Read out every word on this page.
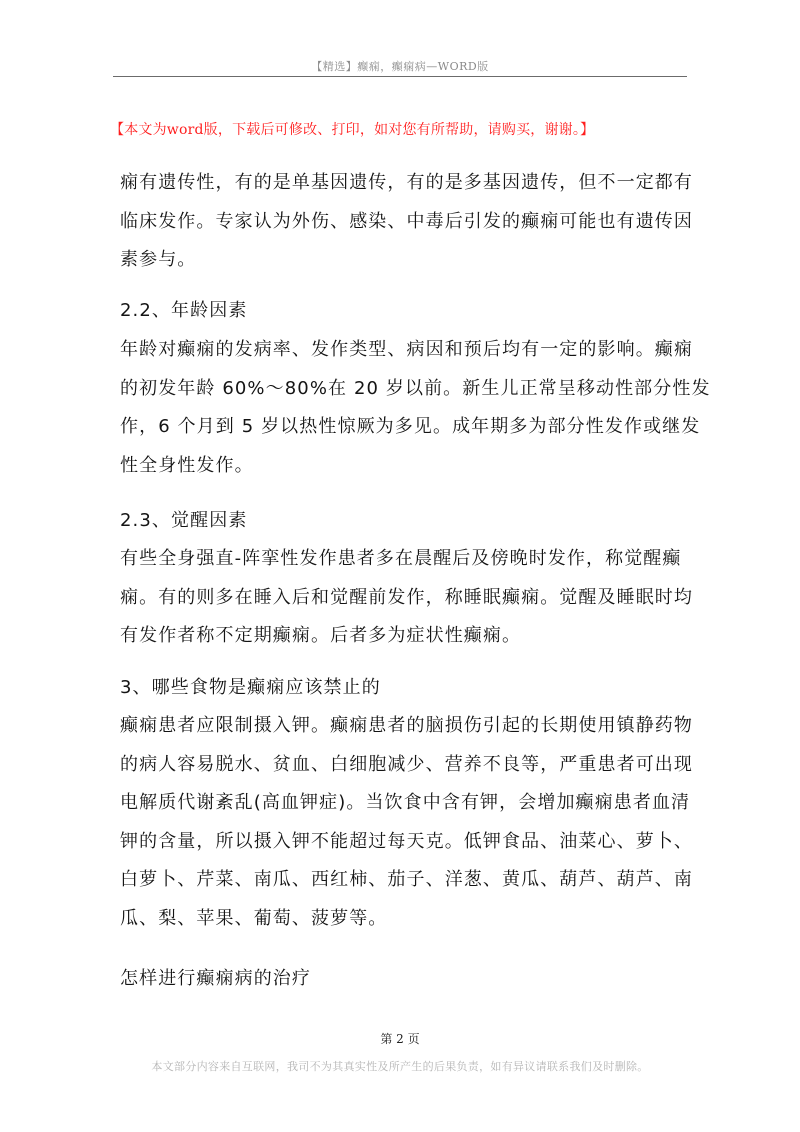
【精选】癫痫，癫痫病—WORD版
【本文为word版，下载后可修改、打印，如对您有所帮助，请购买，谢谢。】
痫有遗传性，有的是单基因遗传，有的是多基因遗传，但不一定都有
临床发作。专家认为外伤、感染、中毒后引发的癫痫可能也有遗传因
素参与。
2.2、年龄因素
年龄对癫痫的发病率、发作类型、病因和预后均有一定的影响。癫痫
的初发年龄 60%～80%在 20 岁以前。新生儿正常呈移动性部分性发
作，6 个月到 5 岁以热性惊厥为多见。成年期多为部分性发作或继发
性全身性发作。
2.3、觉醒因素
有些全身强直-阵挛性发作患者多在晨醒后及傍晚时发作，称觉醒癫
痫。有的则多在睡入后和觉醒前发作，称睡眠癫痫。觉醒及睡眠时均
有发作者称不定期癫痫。后者多为症状性癫痫。
3、哪些食物是癫痫应该禁止的
癫痫患者应限制摄入钾。癫痫患者的脑损伤引起的长期使用镇静药物
的病人容易脱水、贫血、白细胞减少、营养不良等，严重患者可出现
电解质代谢紊乱(高血钾症)。当饮食中含有钾，会增加癫痫患者血清
钾的含量，所以摄入钾不能超过每天克。低钾食品、油菜心、萝卜、
白萝卜、芹菜、南瓜、西红柿、茄子、洋葱、黄瓜、葫芦、葫芦、南
瓜、梨、苹果、葡萄、菠萝等。
怎样进行癫痫病的治疗
第 2 页
本文部分内容来自互联网，我司不为其真实性及所产生的后果负责，如有异议请联系我们及时删除。
